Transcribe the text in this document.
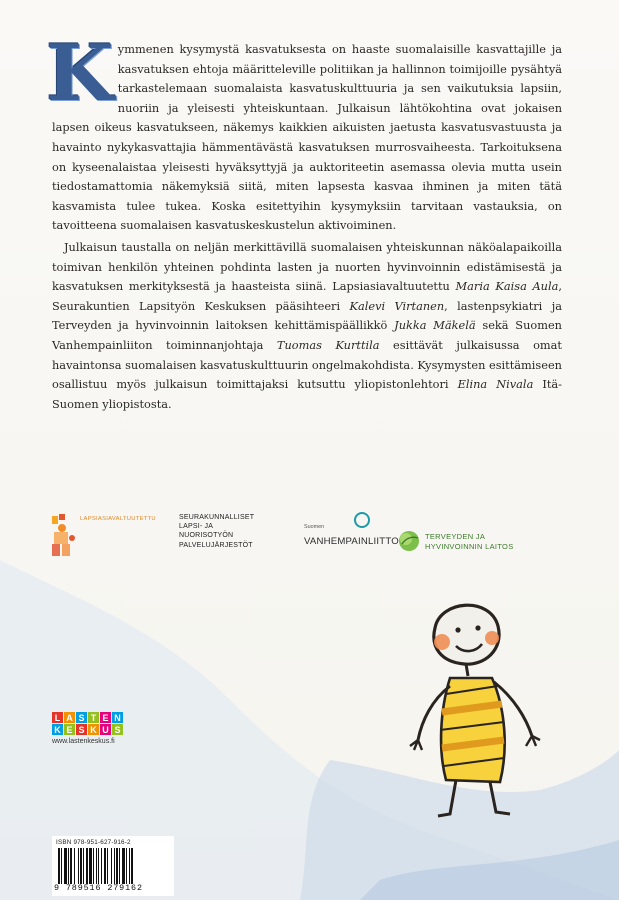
Kymmenen kysymystä kasvatuksesta on haaste suomalaisille kasvattajille ja kasvatuksen ehtoja määritteleville politiikan ja hallinnon toimijoille pysähtyä tarkastelemaan suomalaista kasvatuskulttuuria ja sen vaikutuksia lapsiin, nuoriin ja yleisesti yhteiskuntaan. Julkaisun lähtökohtina ovat jokaisen lapsen oikeus kasvatukseen, näkemys kaikkien aikuisten jaetusta kasvatusvastuusta ja havainto nykykasvattajia hämmentävästä kasvatuksen murrosvaiheesta. Tarkoituksena on kyseenalaistaa yleisesti hyväksyttyjä ja auktoriteetin asemassa olevia mutta usein tiedostamattomia näkemyksiä siitä, miten lapsesta kasvaa ihminen ja miten tätä kasvamista tulee tukea. Koska esitettyihin kysymyksiin tarvitaan vastauksia, on tavoitteena suomalaisen kasvatuskeskustelun aktivoiminen.

Julkaisun taustalla on neljän merkittävillä suomalaisen yhteiskunnan näköalapaikoilla toimivan henkilön yhteinen pohdinta lasten ja nuorten hyvinvoinnin edistämisestä ja kasvatuksen merkityksestä ja haasteista siinä. Lapsiasiavaltuutettu Maria Kaisa Aula, Seurakuntien Lapsityön Keskuksen pääsihteeri Kalevi Virtanen, lastenpsykiatri ja Terveyden ja hyvinvoinnin laitoksen kehittämispäällikkö Jukka Mäkelä sekä Suomen Vanhempainliiton toiminnanjohtaja Tuomas Kurttila esittävät julkaisussa omat havaintonsa suomalaisen kasvatuskulttuurin ongelmakohdista. Kysymysten esittämiseen osallistuu myös julkaisun toimittajaksi kutsuttu yliopistonlehtori Elina Nivala Itä-Suomen yliopistosta.

LAPSIASIAVALTUUTETTU	SEURAKUNNALLISET
LAPSI- JA
NUORISOTYÖN
PALVELUJÄRJESTÖT
Suomen
VANHEMPAINLIITTO	TERVEYDEN JA
HYVINVOINNIN LAITOS
L A S T E N
K E S K U S
www.lastenkeskus.fi
ISBN 978-951-627-916-2
9 789516 279162
